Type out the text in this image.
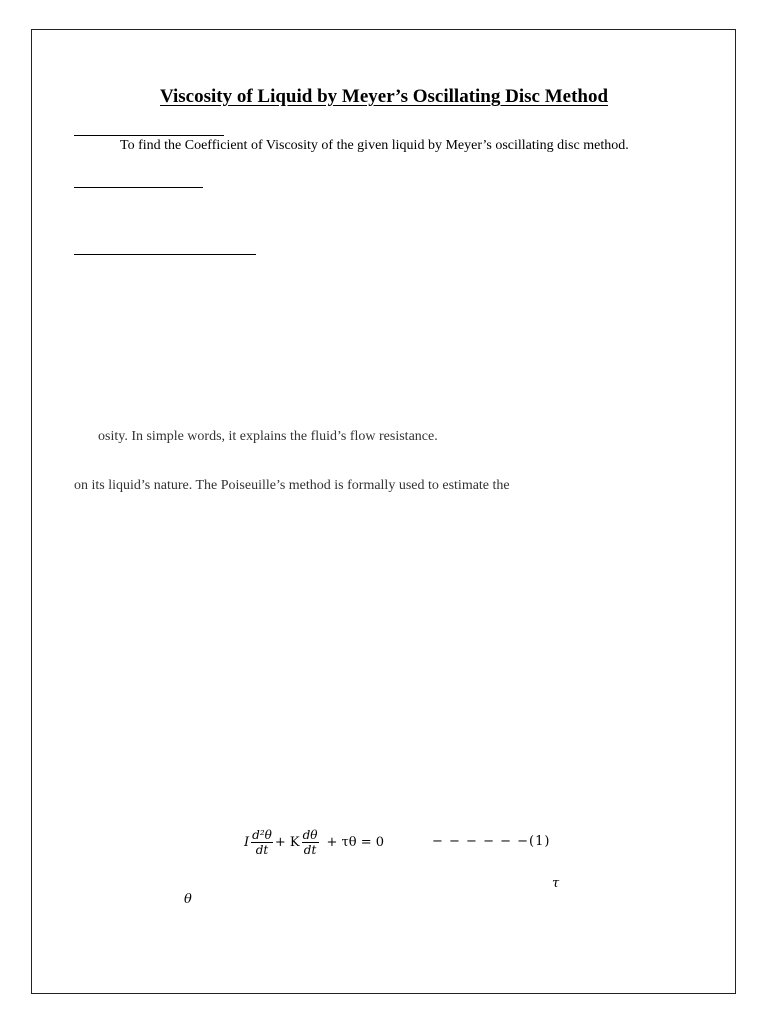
Viscosity of Liquid by Meyer’s Oscillating Disc Method
To find the Coefficient of Viscosity of the given liquid by Meyer’s oscillating disc method.
osity. In simple words, it explains the fluid’s flow resistance.
on its liquid’s nature. The Poiseuille’s method is formally used to estimate the
I $\frac{\text{d²θ}}{dt} + K \frac{d\theta}{dt} + \tau\theta = 0$	− − − − − −(1)
τ
θ
